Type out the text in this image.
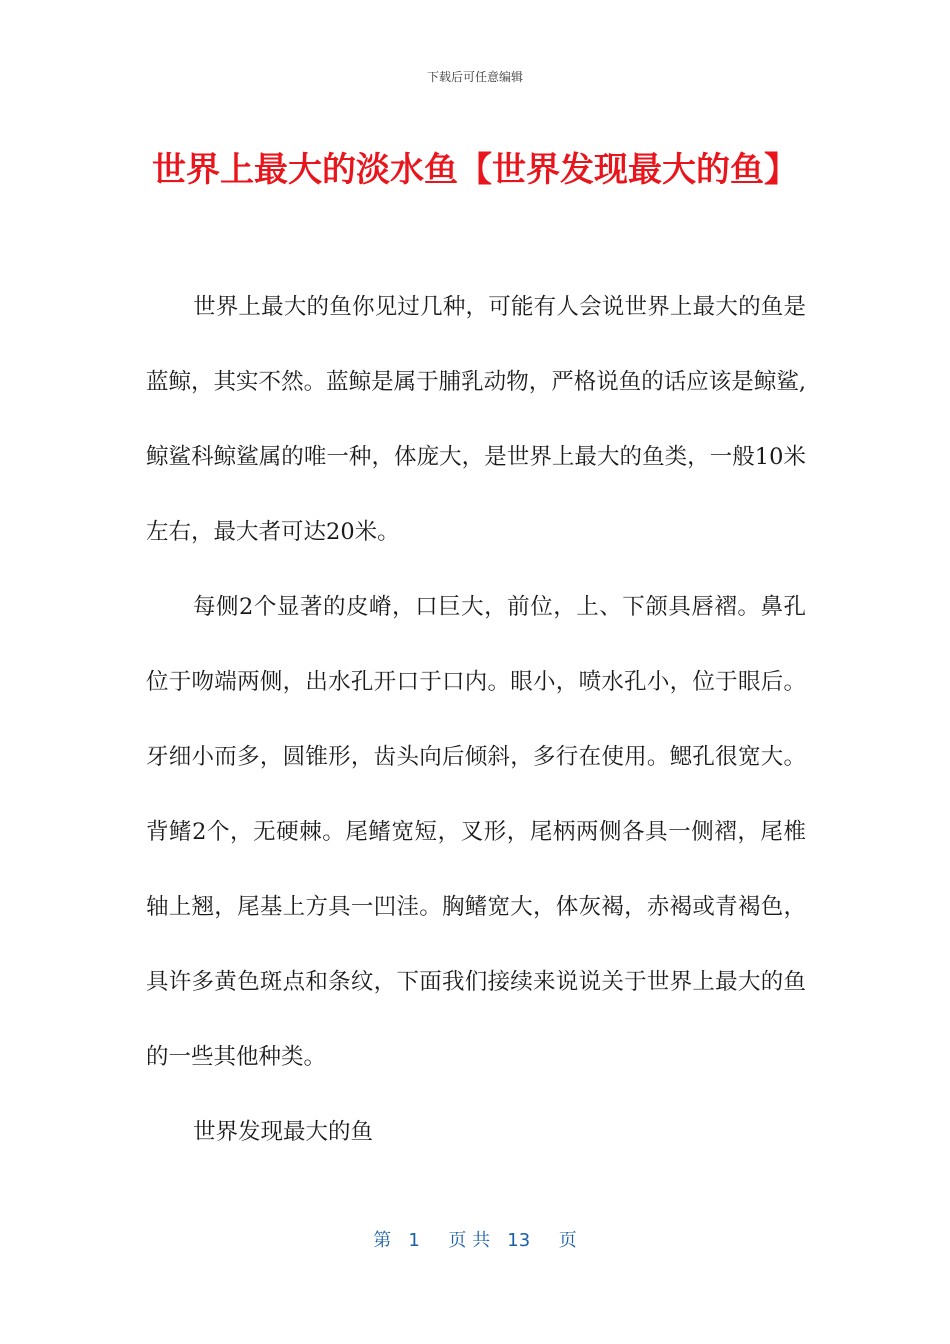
下载后可任意编辑
世界上最大的淡水鱼【世界发现最大的鱼】

世界上最大的鱼你见过几种，可能有人会说世界上最大的鱼是蓝鲸，其实不然。蓝鲸是属于脯乳动物，严格说鱼的话应该是鲸鲨,鲸鲨科鲸鲨属的唯一种，体庞大，是世界上最大的鱼类，一般10米左右，最大者可达20米。

每侧2个显著的皮嵴，口巨大，前位，上、下颌具唇褶。鼻孔位于吻端两侧，出水孔开口于口内。眼小，喷水孔小，位于眼后。牙细小而多，圆锥形，齿头向后倾斜，多行在使用。鳃孔很宽大。背鳍2个，无硬棘。尾鳍宽短，叉形，尾柄两侧各具一侧褶，尾椎轴上翘，尾基上方具一凹洼。胸鳍宽大，体灰褐，赤褐或青褐色，具许多黄色斑点和条纹，下面我们接续来说说关于世界上最大的鱼的一些其他种类。

世界发现最大的鱼

第   1     页 共   13     页
